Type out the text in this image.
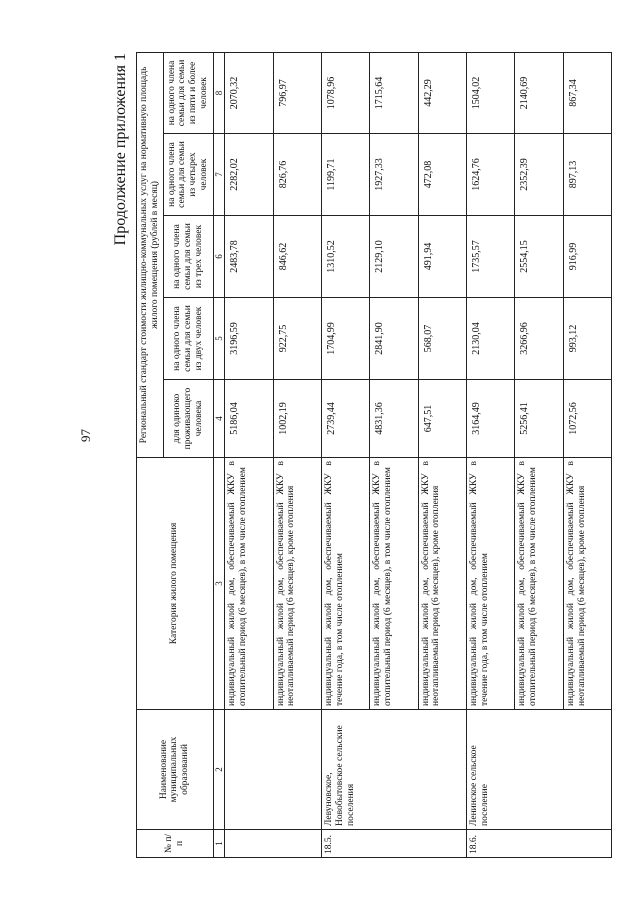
97
Продолжение приложения 1
№ п/п	Наименование муниципальных образований	Категория жилого помещения	Региональный стандарт стоимости жилищно-коммунальных услуг на нормативную площадь жилого помещения (рублей в месяц)				
			для одиноко проживающего человека	на одного члена семьи для семьи из двух человек	на одного члена семьи для семьи из трех человек	на одного члена семьи для семьи из четырех человек	на одного члена семьи для семьи из пяти и более человек
1	2	3	4	5	6	7	8
		индивидуальный жилой дом, обеспечиваемый ЖКУ в отопительный период (6 месяцев), в том числе отоплением	5186,04	3196,59	2483,78	2282,02	2070,32
		индивидуальный жилой дом, обеспечиваемый ЖКУ в неотапливаемый период (6 месяцев), кроме отопления	1002,19	922,75	846,62	826,76	796,97
18.5.	Левуновское, Новобытовское сельские поселения	индивидуальный жилой дом, обеспечиваемый ЖКУ в течение года, в том числе отоплением	2739,44	1704,99	1310,52	1199,71	1078,96
		индивидуальный жилой дом, обеспечиваемый ЖКУ в отопительный период (6 месяцев), в том числе отоплением	4831,36	2841,90	2129,10	1927,33	1715,64
		индивидуальный жилой дом, обеспечиваемый ЖКУ в неотапливаемый период (6 месяцев), кроме отопления	647,51	568,07	491,94	472,08	442,29
18.6.	Ленинское сельское поселение	индивидуальный жилой дом, обеспечиваемый ЖКУ в течение года, в том числе отоплением	3164,49	2130,04	1735,57	1624,76	1504,02
		индивидуальный жилой дом, обеспечиваемый ЖКУ в отопительный период (6 месяцев), в том числе отоплением	5256,41	3266,96	2554,15	2352,39	2140,69
		индивидуальный жилой дом, обеспечиваемый ЖКУ в неотапливаемый период (6 месяцев), кроме отопления	1072,56	993,12	916,99	897,13	867,34
